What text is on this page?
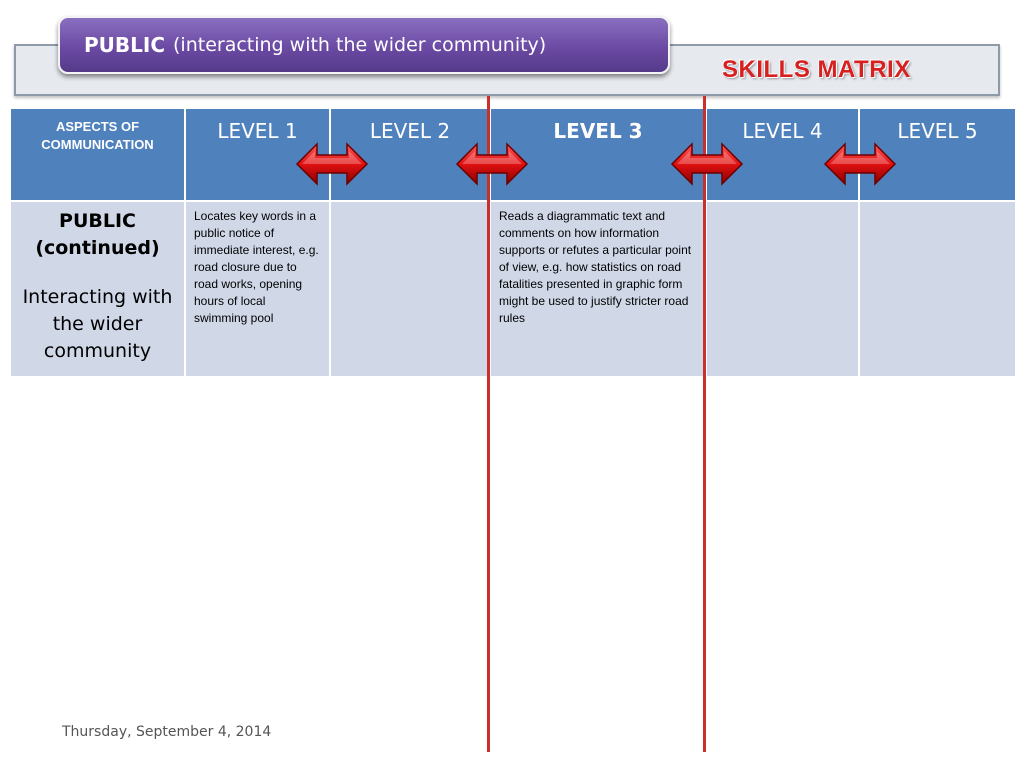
PUBLIC (interacting with the wider community)
SKILLS MATRIX
ASPECTS OF COMMUNICATION	LEVEL 1	LEVEL 2	LEVEL 3	LEVEL 4	LEVEL 5

PUBLIC (continued)
Interacting with the wider community	Locates key words in a public notice of immediate interest, e.g. road closure due to road works, opening hours of local swimming pool		Reads a diagrammatic text and comments on how information supports or refutes a particular point of view, e.g. how statistics on road fatalities presented in graphic form might be used to justify stricter road rules		
Thursday, September 4, 2014
